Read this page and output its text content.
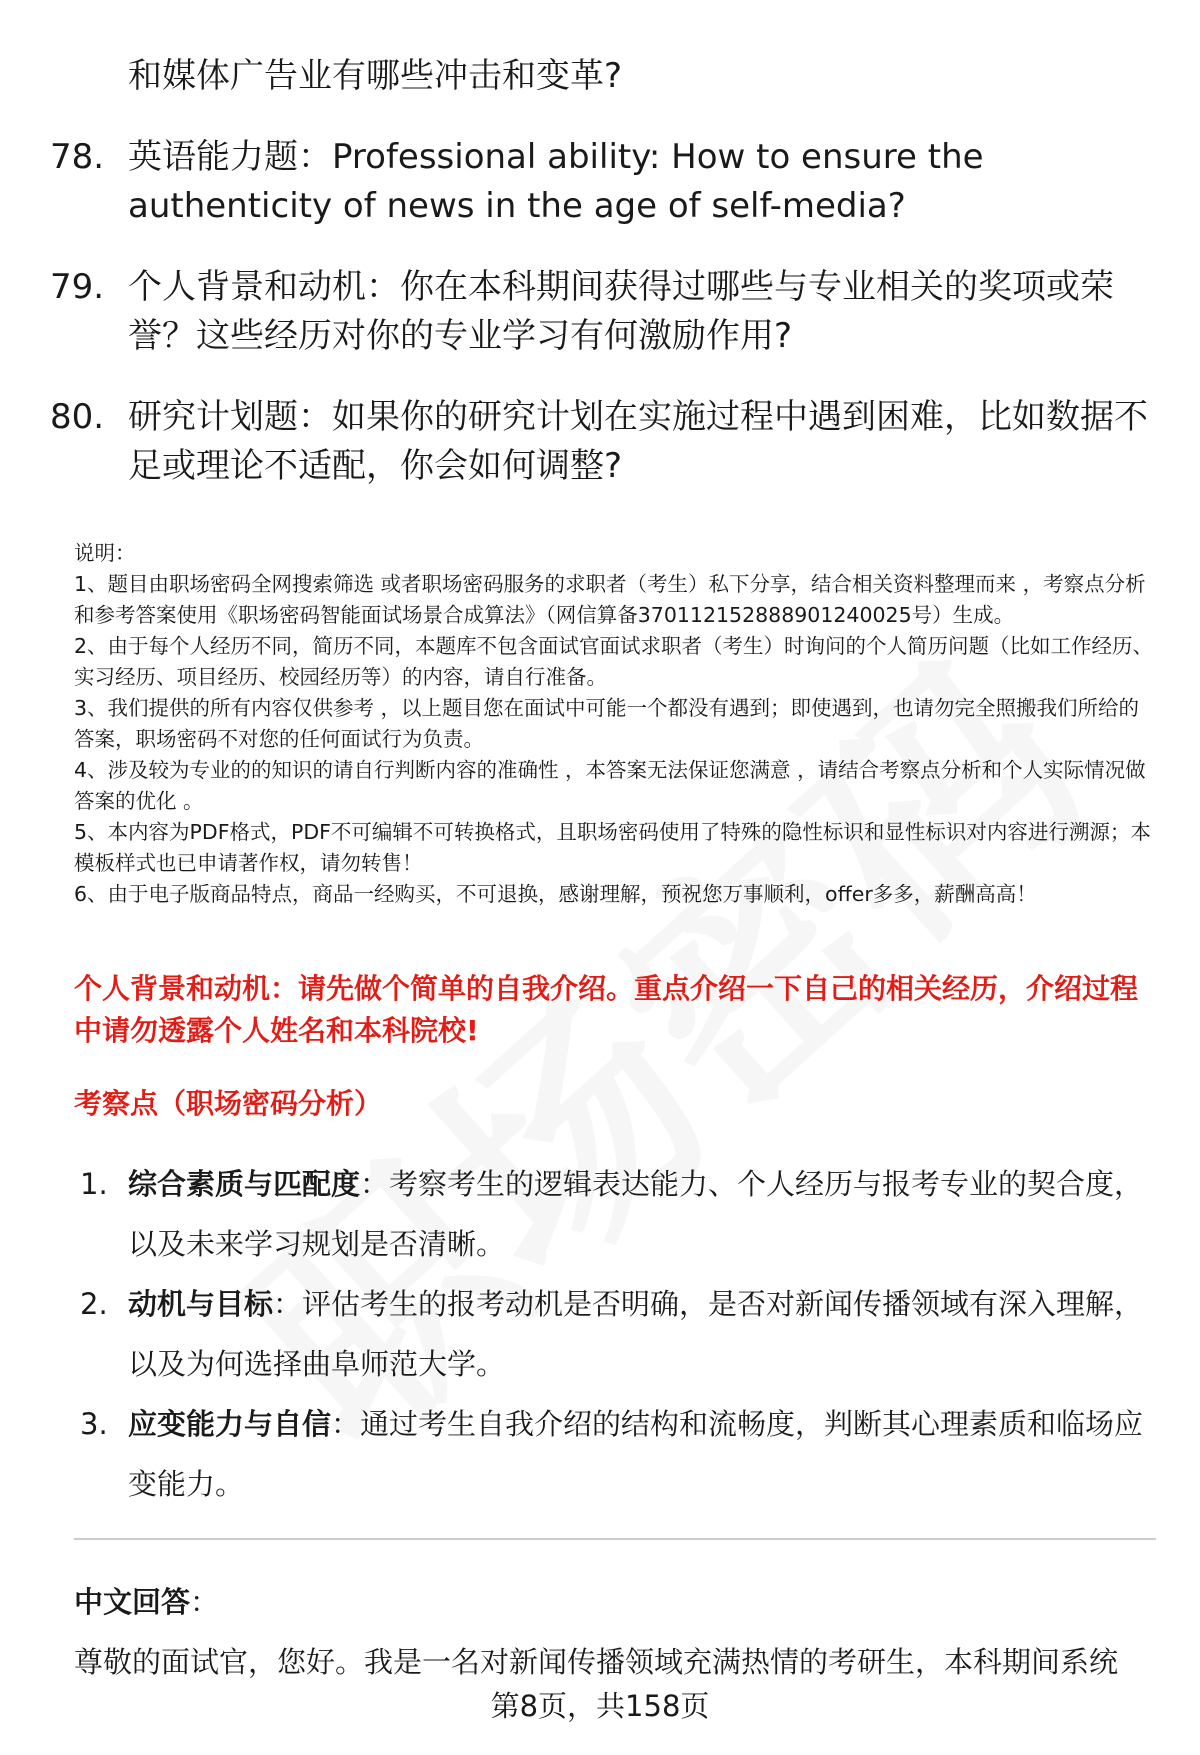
和媒体广告业有哪些冲击和变革?
78. 英语能力题：Professional ability: How to ensure the authenticity of news in the age of self-media?
79. 个人背景和动机：你在本科期间获得过哪些与专业相关的奖项或荣誉？这些经历对你的专业学习有何激励作用?
80. 研究计划题：如果你的研究计划在实施过程中遇到困难，比如数据不足或理论不适配，你会如何调整?

说明：

1、题目由职场密码全网搜索筛选 或者职场密码服务的求职者（考生）私下分享，结合相关资料整理而来 ，考察点分析和参考答案使用《职场密码智能面试场景合成算法》（网信算备370112152888901240025号）生成。

2、由于每个人经历不同，简历不同，本题库不包含面试官面试求职者（考生）时询问的个人简历问题（比如工作经历、实习经历、项目经历、校园经历等）的内容，请自行准备。

3、我们提供的所有内容仅供参考 ，以上题目您在面试中可能一个都没有遇到；即使遇到，也请勿完全照搬我们所给的答案，职场密码不对您的任何面试行为负责。

4、涉及较为专业的的知识的请自行判断内容的准确性 ，本答案无法保证您满意 ，请结合考察点分析和个人实际情况做答案的优化 。

5、本内容为PDF格式，PDF不可编辑不可转换格式，且职场密码使用了特殊的隐性标识和显性标识对内容进行溯源；本模板样式也已申请著作权，请勿转售！

6、由于电子版商品特点，商品一经购买，不可退换，感谢理解，预祝您万事顺利，offer多多，薪酬高高！

个人背景和动机：请先做个简单的自我介绍。重点介绍一下自己的相关经历，介绍过程中请勿透露个人姓名和本科院校!
考察点（职场密码分析）
1. 综合素质与匹配度：考察考生的逻辑表达能力、个人经历与报考专业的契合度，以及未来学习规划是否清晰。
2. 动机与目标：评估考生的报考动机是否明确，是否对新闻传播领域有深入理解，以及为何选择曲阜师范大学。
3. 应变能力与自信：通过考生自我介绍的结构和流畅度，判断其心理素质和临场应变能力。
中文回答：
尊敬的面试官，您好。我是一名对新闻传播领域充满热情的考研生，本科期间系统
第8页，共158页
